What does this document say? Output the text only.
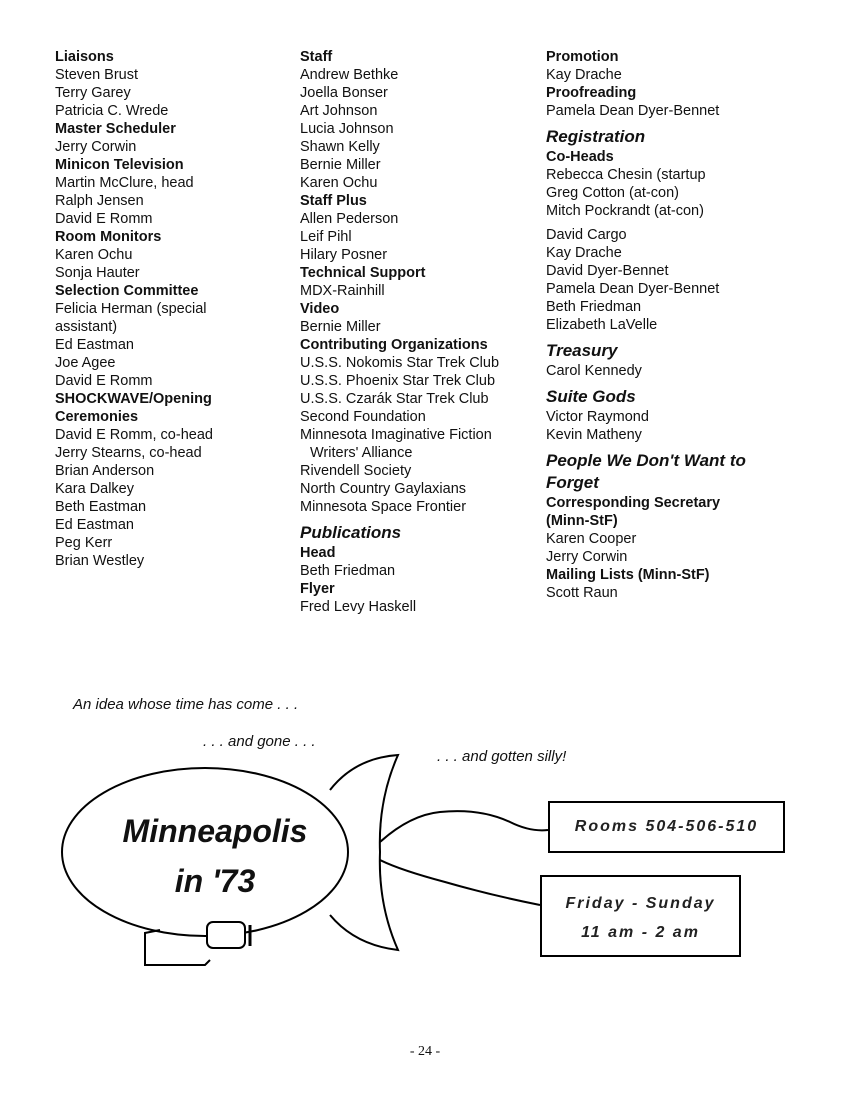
Liaisons
Steven Brust
Terry Garey
Patricia C. Wrede
Master Scheduler
Jerry Corwin
Minicon Television
Martin McClure, head
Ralph Jensen
David E Romm
Room Monitors
Karen Ochu
Sonja Hauter
Selection Committee
Felicia Herman (special
assistant)
Ed Eastman
Joe Agee
David E Romm
SHOCKWAVE/Opening Ceremonies
David E Romm, co-head
Jerry Stearns, co-head
Brian Anderson
Kara Dalkey
Beth Eastman
Ed Eastman
Peg Kerr
Brian Westley
Staff
Andrew Bethke
Joella Bonser
Art Johnson
Lucia Johnson
Shawn Kelly
Bernie Miller
Karen Ochu
Staff Plus
Allen Pederson
Leif Pihl
Hilary Posner
Technical Support
MDX-Rainhill
Video
Bernie Miller
Contributing Organizations
U.S.S. Nokomis Star Trek Club
U.S.S. Phoenix Star Trek Club
U.S.S. Czarák Star Trek Club
Second Foundation
Minnesota Imaginative Fiction
Writers' Alliance
Rivendell Society
North Country Gaylaxians
Minnesota Space Frontier
Publications
Head
Beth Friedman
Flyer
Fred Levy Haskell
Promotion
Kay Drache
Proofreading
Pamela Dean Dyer-Bennet
Registration
Co-Heads
Rebecca Chesin (startup
Greg Cotton (at-con)
Mitch Pockrandt (at-con)
David Cargo
Kay Drache
David Dyer-Bennet
Pamela Dean Dyer-Bennet
Beth Friedman
Elizabeth LaVelle
Treasury
Carol Kennedy
Suite Gods
Victor Raymond
Kevin Matheny
People We Don't Want to Forget
Corresponding Secretary (Minn-StF)
Karen Cooper
Jerry Corwin
Mailing Lists (Minn-StF)
Scott Raun
An idea whose time has come . . .
. . . and gone . . .
. . . and gotten silly!
Minneapolis
in '73
Rooms 504-506-510
Friday - Sunday
11 am - 2 am
- 24 -
